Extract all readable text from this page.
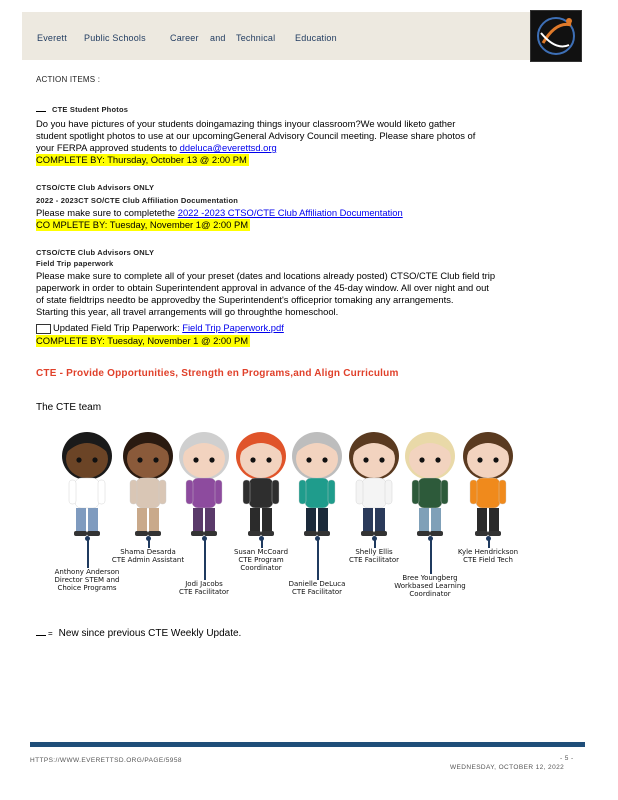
Everett Public Schools	Career and Technical Education
ACTION ITEMS :
CTE Student Photos
Do you have pictures of your students doingamazing things inyour classroom?We would liketo gather
student spotlight photos to use at our upcomingGeneral Advisory Council meeting. Please share photos of
your FERPA approved students to ddeluca@everettsd.org
COMPLETE BY: Thursday, October 13 @ 2:00 PM
CTSO/CTE Club Advisors ONLY
2022 - 2023CT SO/CTE Club Affiliation Documentation
Please make sure to completethe 2022 -2023 CTSO/CTE Club Affiliation Documentation
CO MPLETE BY: Tuesday, November 1@ 2:00 PM
CTSO/CTE Club Advisors ONLY
Field Trip paperwork
Please make sure to complete all of your preset (dates and locations already posted) CTSO/CTE Club field trip
paperwork in order to obtain Superintendent approval in advance of the 45-day window. All over night and out
of state fieldtrips needto be approvedby the Superintendent's officeprior tomaking any arrangements.
Starting this year, all travel arrangements will go throughthe homeschool.
Updated Field Trip Paperwork: Field Trip Paperwork.pdf
COMPLETE BY: Tuesday, November 1 @ 2:00 PM
CTE - Provide Opportunities, Strength en Programs,and Align Curriculum
The CTE team
Anthony Anderson
Director STEM and
Choice Programs
Shama Desarda
CTE Admin Assistant
Jodi Jacobs
CTE Facilitator
Susan McCoard
CTE Program
Coordinator
Danielle DeLuca
CTE Facilitator
Shelly Ellis
CTE Facilitator
Bree Youngberg
Workbased Learning
Coordinator
Kyle Hendrickson
CTE Field Tech
= New since previous CTE Weekly Update.
HTTPS://WWW.EVERETTSD.ORG/PAGE/5958	- 5 -
WEDNESDAY, OCTOBER 12, 2022
